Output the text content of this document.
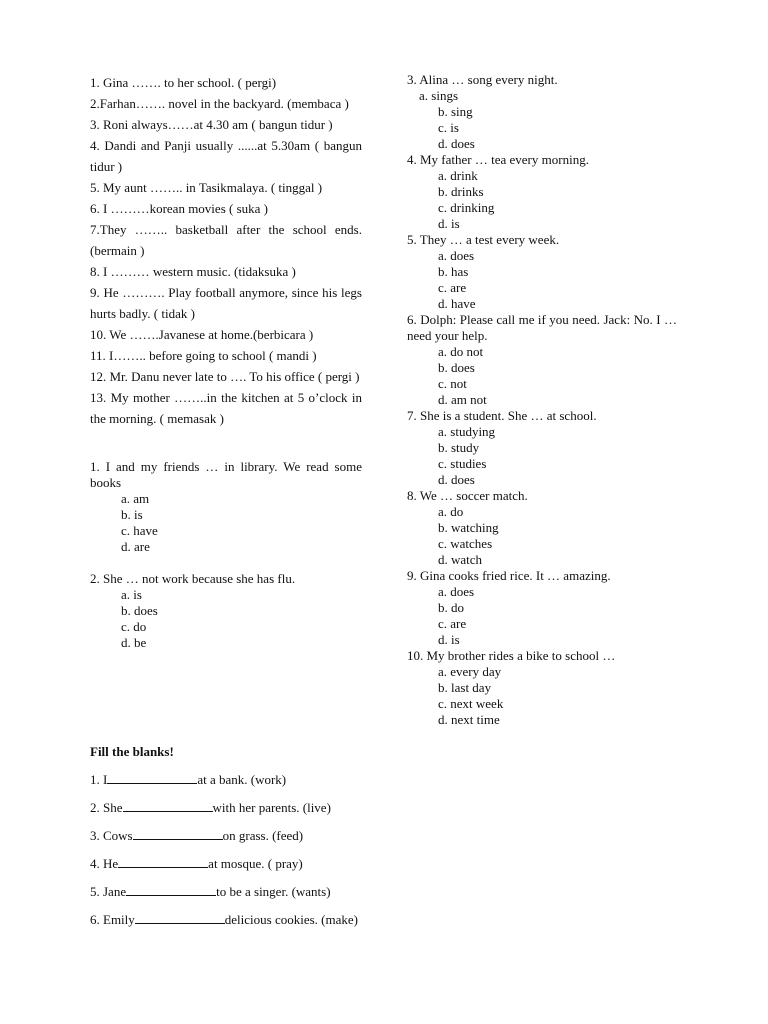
1. Gina ……. to her school. ( pergi)

2.Farhan……. novel in the backyard. (membaca )

3. Roni always……at 4.30 am ( bangun tidur )

4. Dandi and Panji usually ......at 5.30am ( bangun tidur )

5. My aunt …….. in Tasikmalaya. ( tinggal )

6. I ………korean movies ( suka )

7.They …….. basketball after the school ends.(bermain )

8. I ……… western music. (tidaksuka )

9. He ………. Play football anymore, since his legs hurts badly. ( tidak )

10. We …….Javanese at home.(berbicara )

11. I…….. before going to school ( mandi )

12. Mr. Danu never late to …. To his office ( pergi )

13. My mother ……..in the kitchen at 5 o’clock in the morning. ( memasak )

1. I and my friends … in library. We read some books
a. am
b. is
c. have
d. are
2. She … not work because she has flu.
a. is
b. does
c. do
d. be
3. Alina … song every night.
a. sings
b. sing
c. is
d. does
4. My father … tea every morning.
a. drink
b. drinks
c. drinking
d. is
5. They … a test every week.
a. does
b. has
c. are
d. have
6. Dolph: Please call me if you need. Jack: No. I … need your help.
a. do not
b. does
c. not
d. am not
7. She is a student. She … at school.
a. studying
b. study
c. studies
d. does
8. We … soccer match.
a. do
b. watching
c. watches
d. watch
9. Gina cooks fried rice. It … amazing.
a. does
b. do
c. are
d. is
10. My brother rides a bike to school …
a. every day
b. last day
c. next week
d. next time
Fill the blanks!
1. I	at a bank. (work)
2. She	with her parents. (live)
3. Cows	on grass. (feed)
4. He	at mosque. ( pray)
5. Jane	to be a singer. (wants)
6. Emily	delicious cookies. (make)
